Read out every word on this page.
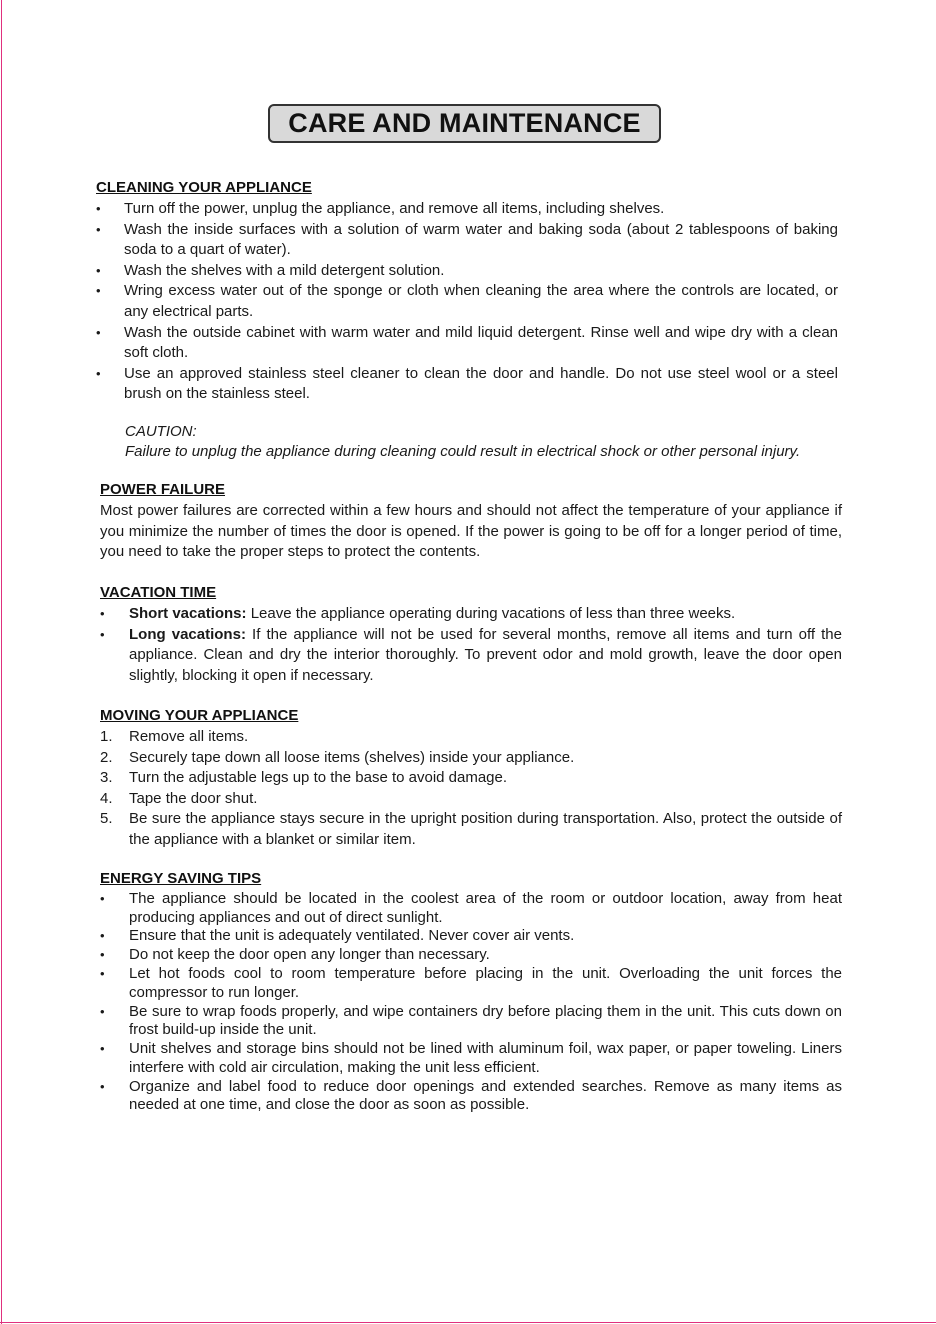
CARE AND MAINTENANCE
CLEANING YOUR APPLIANCE
•
Turn off the power, unplug the appliance, and remove all items, including shelves.
•
Wash the inside surfaces with a solution of warm water and baking soda (about 2 tablespoons of baking soda to a quart of water).
•
Wash the shelves with a mild detergent solution.
•
Wring excess water out of the sponge or cloth when cleaning the area where the controls are located, or any electrical parts.
•
Wash the outside cabinet with warm water and mild liquid detergent. Rinse well and wipe dry with a clean soft cloth.
•
Use an approved stainless steel cleaner to clean the door and handle. Do not use steel wool or a steel brush on the stainless steel.
CAUTION:
Failure to unplug the appliance during cleaning could result in electrical shock or other personal injury.
POWER FAILURE

Most power failures are corrected within a few hours and should not affect the temperature of your appliance if you minimize the number of times the door is opened. If the power is going to be off for a longer period of time, you need to take the proper steps to protect the contents.

VACATION TIME
•
Short vacations: Leave the appliance operating during vacations of less than three weeks.
•
Long vacations: If the appliance will not be used for several months, remove all items and turn off the appliance. Clean and dry the interior thoroughly. To prevent odor and mold growth, leave the door open slightly, blocking it open if necessary.
MOVING YOUR APPLIANCE
1. Remove all items.
2. Securely tape down all loose items (shelves) inside your appliance.
3. Turn the adjustable legs up to the base to avoid damage.
4. Tape the door shut.
5. Be sure the appliance stays secure in the upright position during transportation. Also, protect the outside of the appliance with a blanket or similar item.
ENERGY SAVING TIPS
•
The appliance should be located in the coolest area of the room or outdoor location, away from heat producing appliances and out of direct sunlight.
•
Ensure that the unit is adequately ventilated. Never cover air vents.
•
Do not keep the door open any longer than necessary.
•
Let hot foods cool to room temperature before placing in the unit. Overloading the unit forces the compressor to run longer.
•
Be sure to wrap foods properly, and wipe containers dry before placing them in the unit. This cuts down on frost build-up inside the unit.
•
Unit shelves and storage bins should not be lined with aluminum foil, wax paper, or paper toweling. Liners interfere with cold air circulation, making the unit less efficient.
•
Organize and label food to reduce door openings and extended searches. Remove as many items as needed at one time, and close the door as soon as possible.
